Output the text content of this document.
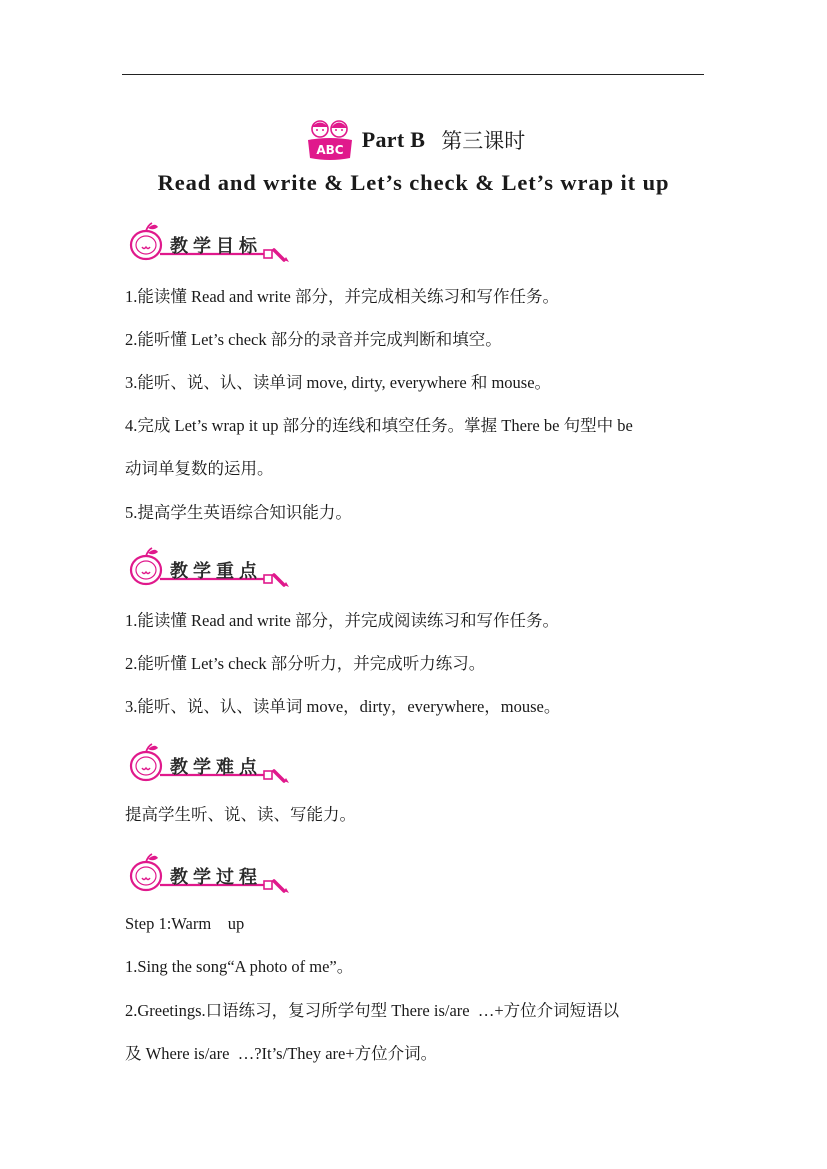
ABC Part B 第三课时
Read and write & Let’s check & Let’s wrap it up
教学目标
1.能读懂 Read and write 部分，并完成相关练习和写作任务。
2.能听懂 Let’s check 部分的录音并完成判断和填空。
3.能听、说、认、读单词 move, dirty, everywhere 和 mouse。
4.完成 Let’s wrap it up 部分的连线和填空任务。掌握 There be 句型中 be
动词单复数的运用。
5.提高学生英语综合知识能力。
教学重点
1.能读懂 Read and write 部分，并完成阅读练习和写作任务。
2.能听懂 Let’s check 部分听力，并完成听力练习。
3.能听、说、认、读单词 move，dirty，everywhere，mouse。
教学难点
提高学生听、说、读、写能力。
教学过程
Step 1:Warm    up
1.Sing the song“A photo of me”。
2.Greetings.口语练习，复习所学句型 There is/are  …+方位介词短语以
及 Where is/are  …?It’s/They are+方位介词。
